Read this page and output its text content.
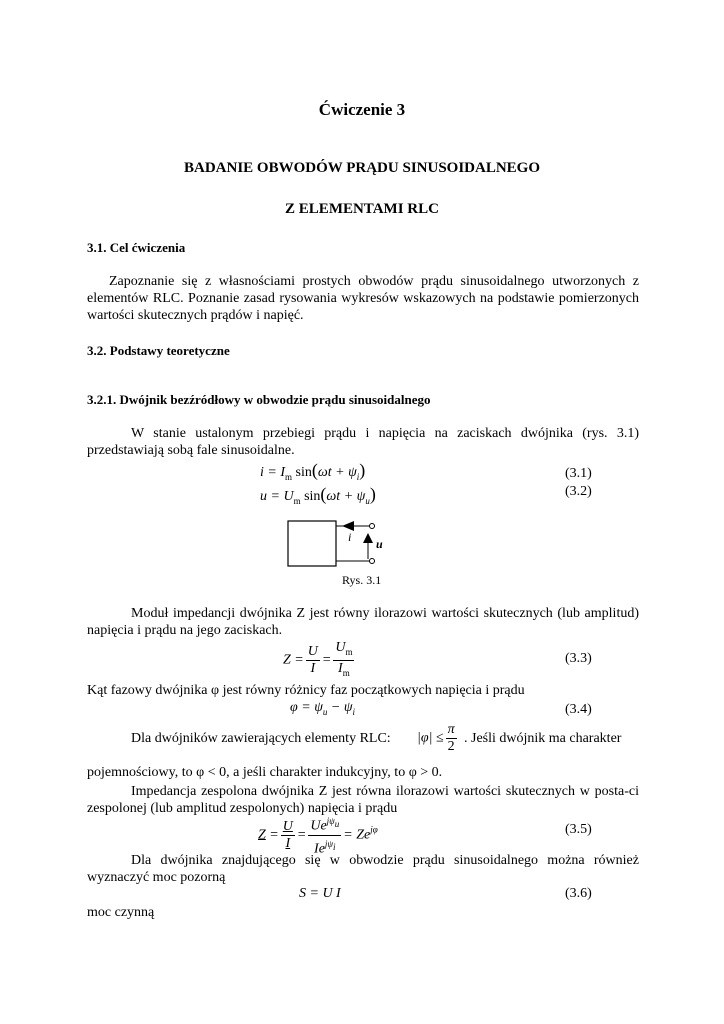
Ćwiczenie 3
BADANIE OBWODÓW PRĄDU SINUSOIDALNEGO
Z ELEMENTAMI RLC
3.1. Cel ćwiczenia
Zapoznanie się z własnościami prostych obwodów prądu sinusoidalnego utworzonych z elementów RLC. Poznanie zasad rysowania wykresów wskazowych na podstawie pomierzonych wartości skutecznych prądów i napięć.
3.2. Podstawy teoretyczne
3.2.1. Dwójnik bezźródłowy w obwodzie prądu sinusoidalnego
W stanie ustalonym przebiegi prądu i napięcia na zaciskach dwójnika (rys. 3.1) przedstawiają sobą fale sinusoidalne.
$i = I_m$ $\sin(\omega t + \psi_i)$	(3.1)
$u = U_m$ $\sin(\omega t + \psi_u)$	(3.2)
i u
Rys. 3.1
Moduł impedancji dwójnika Z jest równy ilorazowi wartości skutecznych (lub amplitud) napięcia i prądu na jego zaciskach.
$Z = \frac{U}{I} = \frac{U_m}{I_m}$	(3.3)
Kąt fazowy dwójnika φ jest równy różnicy faz początkowych napięcia i prądu
$\varphi = \psi_u - \psi_i$	(3.4)
Dla dwójników zawierających elementy RLC: $|\varphi| \le \frac{\pi}{2}$ . Jeśli dwójnik ma charakter
pojemnościowy, to φ < 0, a jeśli charakter indukcyjny, to φ > 0.
Impedancja zespolona dwójnika Z jest równa ilorazowi wartości skutecznych w posta-ci zespolonej (lub amplitud zespolonych) napięcia i prądu
$Z = \frac{U}{I} = \frac{Ue^{j\psi_u}}{Ie^{j\psi_i}} = Ze^{j\varphi}$	(3.5)
Dla dwójnika znajdującego się w obwodzie prądu sinusoidalnego można również wyznaczyć moc pozorną
S = U I	(3.6)
moc czynną
